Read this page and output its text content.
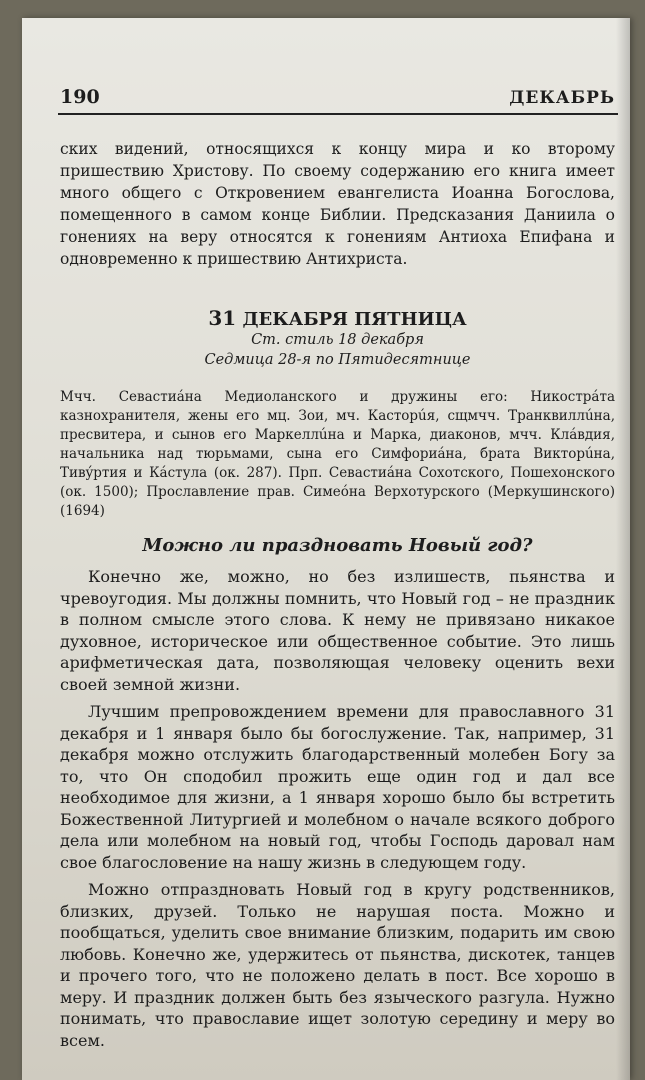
190	ДЕКАБРЬ

ских видений, относящихся к концу мира и ко второму пришествию Христову. По своему содержанию его книга имеет много общего с Откровением евангелиста Иоанна Богослова, помещенного в самом конце Библии. Предсказания Даниила о гонениях на веру относятся к гонениям Антиоха Епифана и одновременно к пришествию Антихриста.

31 ДЕКАБРЯ ПЯТНИЦА
Ст. стиль 18 декабря
Седмица 28-я по Пятидесятнице

Мчч. Севастиáна Медиоланского и дружины его: Никострáта казнохранителя, жены его мц. Зои, мч. Касторúя, сщмчч. Транквиллúна, пресвитера, и сынов его Маркеллúна и Марка, диаконов, мчч. Клáвдия, начальника над тюрьмами, сына его Симфориáна, брата Викторúна, Тивýртия и Кáстула (ок. 287). Прп. Севастиáна Сохотского, Пошехонского (ок. 1500); Прославление прав. Симеóна Верхотурского (Меркушинского) (1694)

Можно ли праздновать Новый год?

Конечно же, можно, но без излишеств, пьянства и чревоугодия. Мы должны помнить, что Новый год – не праздник в полном смысле этого слова. К нему не привязано никакое духовное, историческое или общественное событие. Это лишь арифметическая дата, позволяющая человеку оценить вехи своей земной жизни.

Лучшим препровождением времени для православного 31 декабря и 1 января было бы богослужение. Так, например, 31 декабря можно отслужить благодарственный молебен Богу за то, что Он сподобил прожить еще один год и дал все необходимое для жизни, а 1 января хорошо было бы встретить Божественной Литургией и молебном о начале всякого доброго дела или молебном на новый год, чтобы Господь даровал нам свое благословение на нашу жизнь в следующем году.

Можно отпраздновать Новый год в кругу родственников, близких, друзей. Только не нарушая поста. Можно и пообщаться, уделить свое внимание близким, подарить им свою любовь. Конечно же, удержитесь от пьянства, дискотек, танцев и прочего того, что не положено делать в пост. Все хорошо в меру. И праздник должен быть без языческого разгула. Нужно понимать, что православие ищет золотую середину и меру во всем.
